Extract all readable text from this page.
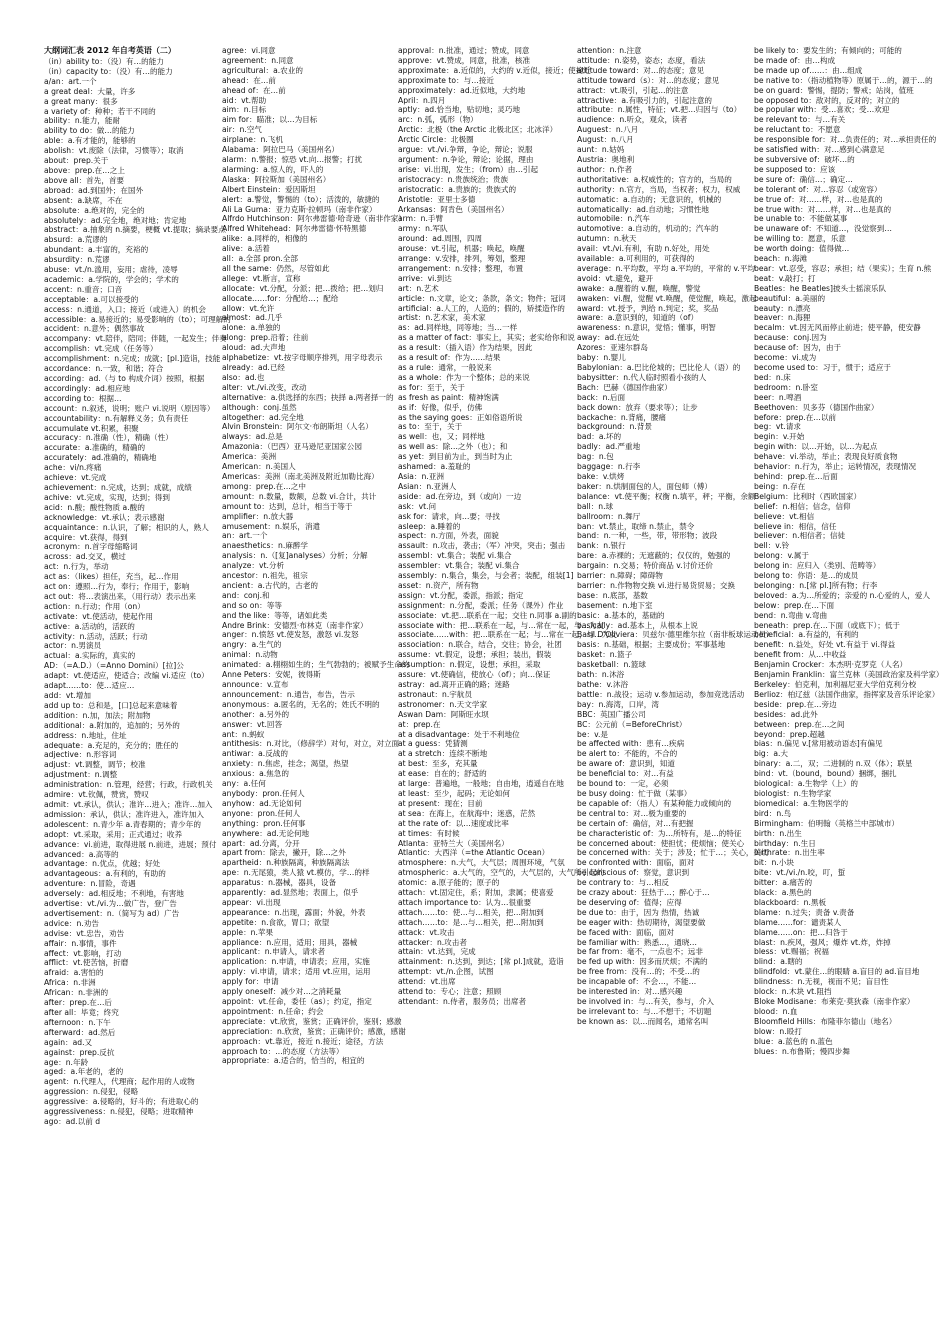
大纲词汇表 2012 年自考英语（二）
（in）ability to：（没）有…的能力
（in）capacity to：（没）有…的能力
a/an：art.一个
a great deal：大量，许多
a great many：很多
a variety of：种种；若干不同的
ability：n.能力，能耐
ability to do：做…的能力
able：a.有才能的，能够的
abolish：vt.废除（法律，习惯等）；取消
about：prep.关于
above：prep.在…之上
above all：首先，首要
abroad：ad.到国外；在国外
absent：a.缺席，不在
absolute：a.绝对的，完全的
absolutely：ad.完全地，绝对地；肯定地
abstract：a.抽象的 n.摘要，梗概 vt.提取；摘录要点
absurd：a.荒谬的
abundant：a.丰富的，充裕的
absurdity：n.荒谬
abuse：vt./n.滥用，妄用；虐待，凌辱
academic：a.学院的，学会的；学术的
accent：n.重音；口音
acceptable：a.可以接受的
access：n.通道，入口；接近（或进入）的机会
accessible：a.易接近的；易受影响的（to）；可理解的
accident：n.意外；偶然事故
accompany：vt.陪伴，陪同；伴随，一起发生；伴奏
accomplish：vt.完成（任务等）
accomplishment：n.完成；成就；[pl.]造诣，技能
accordance：n.一致，和谐；符合
according：ad.（与 to 构成介词）按照，根据
accordingly：ad.相应地
according to：根据…
account：n.叙述，说明；账户 vi.说明（原因等）
accountability：n.有解释义务；负有责任
accumulate vt.积累，积聚
accuracy：n.准确（性），精确（性）
accurate：a.准确的，精确的
accurately：ad.准确的，精确地
ache：vi/n.疼痛
achieve：vt.完成
achievement：n.完成，达到；成就，成绩
achive：vt.完成，实现，达到；得到
acid：n.酸；酸性物质 a.酸的
acknowledge：vt.承认；表示感谢
acquaintance：n.认识，了解；相识的人，熟人
acquire：vt.获得，得到
acronym：n.首字母缩略词
across：ad.交叉，横过
act：n.行为，举动
act as：（likes）担任，充当，起…作用
act on：遵照…行为，奉行；作用于，影响
act out：将…表演出来，（用行动）表示出来
action：n.行动；作用（on）
activate：vt.使活动，使起作用
active：a.活动的，活跃的
activity：n.活动，活跃；行动
actor：n.男演员
actual：a.实际的，真实的
AD：（=A.D.）（=Anno Domini）[拉]公
adapt：vt.使适应，使适合；改编 vi.适应（to）
adapt……to：使…适应…
add：vt.增加
add up to：总和是，[口]总起来意味着
addition：n.加，加法；附加物
additional：a.附加的，追加的；另外的
address：n.地址，住址
adequate：a.充足的，充分的；胜任的
adjective：n.形容词
adjust：vt.调整，调节；校准
adjustment：n.调整
administration：n.管理，经营；行政，行政机关
admire：vt.钦佩，赞赏，赞叹
admit：vt.承认，供认；准许…进入；准许…加入
admission：承认，供认；准许进入，准许加入
adolescent：n.青少年 a.青春期的；青少年的
adopt：vt.采取，采用；正式通过；收养
advance：vi.前进，取得进展 n.前进，进展；预付
advanced：a.高等的
advantage：n.优点，优越；好处
advantageous：a.有利的，有助的
adventure：n.冒险，奇遇
adversely：ad.相反地；不利地，有害地
advertise：vt./vi.为…做广告，登广告
advertisement：n.（简写为 ad）广告
advice：n.劝告
advise：vt.忠告，劝告
affair：n.事情，事件
affect：vt.影响，打动
afflict：vt.使苦恼，折磨
afraid：a.害怕的
Africa：n.非洲
African：n.非洲的
after：prep.在…后
after all：毕竟；终究
afternoon：n.下午
afterward：ad.然后
again：ad.又
against：prep.反抗
age：n.年龄
aged：a.年老的，老的
agent：n.代理人，代理商；起作用的人或物
aggression：n.侵犯，侵略
aggressive：a.侵略的，好斗的；有进取心的
aggressiveness：n.侵犯，侵略；进取精神
ago：ad.以前 d
agree：vi.同意
agreement：n.同意
agricultural：a.农业的
ahead：在…前
ahead of：在…前
aid：vt.帮助
aim：n.目标
aim for：瞄准；以…为目标
air：n.空气
airplane：n.飞机
Alabama：阿拉巴马（美国州名）
alarm：n.警报；惊恐 vt.向…报警；打扰
alarming：a.惊人的，吓人的
Alaska：阿拉斯加（美国州名）
Albert Einstein：爱因斯坦
alert：a.警觉，警惕的（to）；活泼的，敏捷的
Ali La Guma：亚力克斯·拉顿玛（南非作家）
Alfrdo Hutchinson：阿尔弗雷德·哈奇逊（南非作家）
Alfred Whitehead：阿尔弗雷德·怀特黑德
alike：a.同样的，相像的
alive：a.活着
all：a.全部 pron.全部
all the same：仍然，尽管如此
allege：vt.断言，宣称
allocate：vt.分配，分派；把…拨给；把…划归
allocate……for：分配给…；配给
allow：vt.允许
almost：ad.几乎
alone：a.单独的
along：prep.沿着；往前
aloud：ad.大声地
alphabetize：vt.按字母顺序排列，用字母表示
already：ad.已经
also：ad.也
alter：vt./vi.改变，改动
alternative：a.供选择的东西；抉择 a.两者择一的
although：conj.虽然
altogether：ad.完全地
Alvin Bronstein：阿尔文·布朗斯坦（人名）
always：ad.总是
Amazonia：（巴西）亚马逊尼亚国家公园
America：美洲
American：n.美国人
Americas：美洲（南北美洲及附近加勒比海）
among：prep.在…之中
amount：n.数量，数额，总数 vi.合计，共计
amount to：达到，总计，相当于等于
amplifier：n.放大器
amusement：n.娱乐，消遣
an：art.一个
anaesthetics：n.麻醉学
analysis：n.（[复]analyses）分析；分解
analyze：vt.分析
ancestor：n.祖先，祖宗
ancient：a.古代的，古老的
and：conj.和
and so on：等等
and the like：等等，诸如此类
Andre Brink：安德烈·布林克（南非作家）
anger：n.愤怒 vt.使发怒，激怒 vi.发怒
angry：a.生气的
animal：n.动物
animated：a.栩栩如生的；生气勃勃的；被赋予生命的
Anne Peters：安妮，彼得斯
announce：v.宣布
announcement：n.通告，布告，告示
anonymous：a.匿名的，无名的；姓氏不明的
another：a.另外的
answer：vt.回答
ant：n.蚂蚁
antithesis：n.对比，（修辞学）对句，对立，对立面
antiwar：a.反战的
anxiety：n.焦虑，挂念；渴望，热望
anxious：a.焦急的
any：a.任何
anybody：pron.任何人
anyhow：ad.无论如何
anyone：pron.任何人
anything：pron.任何事
anywhere：ad.无论何地
apart：ad.分离，分开
apart from：除去，撇开，除…之外
apartheid：n.种族隔离，种族隔离法
ape：n.无尾猿，类人猿 vt.模仿，学…的样
apparatus：n.器械，器具，设备
apparently：ad.显然地；表面上，似乎
appear：vi.出现
appearance：n.出现，露面；外貌，外表
appetite：n.食欲，胃口；欲望
apple：n.苹果
appliance：n.应用，适用；用具，器械
applicant：n.申请人，请求者
application：n.申请，申请表；应用，实施
apply：vi.申请，请求；适用 vt.应用，运用
apply for：申请
apply oneself：减少对…之消耗量
appoint：vt.任命，委任（as）；约定，指定
appointment：n.任命；约会
appreciate：vt.欣赏，鉴赏；正确评价，鉴别；感激
appreciation：n.欣赏，鉴赏；正确评价；感激，感谢
approach：vt.靠近，接近 n.接近；途径，方法
approach to：…的态度（方法等）
appropriate：a.适合的，恰当的，相宜的
approval：n.批准，通过；赞成，同意
approve：vt.赞成，同意，批准，核准
approximate：a.近似的，大约的 v.近似，接近；使接近
approximate to：与…接近
approximately：ad.近似地，大约地
April：n.四月
aptly：ad.恰当地，贴切地；灵巧地
arc：n.弧，弧形（物）
Arctic：北极（the Arctic 北极北区；北冰洋）
Arctic Circle：北极圈
argue：vt./vi.争辩，争论，辩论；说服
argument：n.争论，辩论；论据，理由
arise：vi.出现，发生；（from）由…引起
aristocracy：n.贵族统治；贵族
aristocratic：a.贵族的；贵族式的
Aristotle：亚里士多德
Arkansas：阿肯色（美国州名）
arm：n.手臂
army：n.军队
around：ad.周围，四周
arouse：vt.引起，机器；唤起，唤醒
arrange：v.安排，排列，筹划，整理
arrangement：n.安排；整理，布置
arrive：vi.到达
art：n.艺术
article：n.文章，论文；条款，条文；物件；冠词
artificial：a.人工的，人造的；假的，矫揉造作的
artist：n.艺术家，美术家
as：ad.同样地，同等地；当…一样
as a matter of fact：事实上，其实；老实给你和说
as a result：（插入语）作为结果，因此
as a result of：作为……结果
as a rule：通常，一般说来
as a whole：作为一个整体；总的来说
as for：至于，关于
as fresh as paint：精神饱满
as if：好像，似乎，仿佛
as the saying goes：正如俗语所说
as to：至于，关于
as well：也，又；同样地
as well as：除…之外（也）；和
as yet：到目前为止，到当时为止
ashamed：a.羞耻的
Asia：n.亚洲
Asian：n.亚洲人
aside：ad.在旁边，到（或向）一边
ask：vt.问
ask for：请求，向…要；寻找
asleep：a.睡着的
aspect：n.方面，外表，面貌
assault：n.攻击，袭击；（军）冲突，突击；强击
assembl：vt.集合；装配 vi.集合
assembler：vt.集合；装配 vi.集合
assembly：n.集合，集会，与会者；装配，组装[1]
asset：n.资产，所有物
assign：vt.分配，委派，指派；指定
assignment：n.分配，委派；任务（课外）作业
associate：vt.把…联系在一起；交往 n.同事 a.副的
associate with：把…联系在一起，与…常在一起，与…为友
associate……with：把…联系在一起；与…常在一起，与…为友
association：n.联合，结合，交往；协会，社团
assume：vt.假定，设想；承担；装出，假装
assumption：n.假定，设想；承担，采取
assure：vt.使确信，使放心（of）；向…保证
astray：ad.离开正确的路；迷路
astronaut：n.宇航员
astronomer：n.天文学家
Aswan Dam：阿斯旺水坝
at：prep.在
at a disadvantage：处于不利地位
at a guess：凭猜测
at a stretch：连续不断地
at best：至多，充其量
at ease：自在的；舒适的
at large：普遍地，一般地；自由地，逍遥自在地
at least：至少，起码；无论如何
at present：现在；目前
at sea：在海上，在航海中；迷惑，茫然
at the rate of：以…速度或比率
at times：有时候
Atlanta：亚特兰大（美国州名）
Atlantic：大西洋（=the Atlantic Ocean）
atmosphere：n.大气，大气层；周围环境，气氛
atmospheric：a.大气的，空气的，大气层的，大气所引起的
atomic：a.原子能的；原子的
attach：vt.固定住，系；附加，隶属；使喜爱
attach importance to：认为…很重要
attach……to：使…与…相关，把…附加到
attach……to：是…与…相关，把…附加到
attack：vt.攻击
attacker：n.攻击者
attain：vt.达到，完成
attainment：n.达到，到达；[常 pl.]成就，造诣
attempt：vt./n.企图，试图
attend：vt.出席
attend to：专心；注意；照顾
attendant：n.侍者，服务员；出席者
attention：n.注意
attitude：n.姿势，姿态；态度，看法
attitude toward：对…的态度；意见
attitude toward（s）：对…的态度；意见
attract：vt.吸引，引起…的注意
attractive：a.有吸引力的，引起注意的
attribute：n.属性，特征；vt.把…归因与（to）
audience：n.听众，观众，读者
Auguest：n.八月
August：n.八月
aunt：n.姑妈
Austria：奥地利
author：n.作者
authoritative：a.权威性的；官方的，当局的
authority：n.官方，当局，当权者；权力，权威
automatic：a.自动的；无意识的，机械的
automatically：ad.自动地；习惯性地
automobile：n.汽车
automotive：a.自动的，机动的；汽车的
autumn：n.秋天
avail：vt./vi.有利，有助 n.好处，用处
available：a.可利用的，可获得的
average：n.平均数，平均 a.平均的，平常的 v.平均
avoid：vt.避免，避开
awake：a.醒着的 v.醒，唤醒，警觉
awaken：vi.醒，觉醒 vt.唤醒，使觉醒，唤起，激起
award：vt.授予，判给 n.判定；奖，奖品
aware：a.意识到的，知道的（of）
awareness：n.意识，觉悟；懂事，明智
away：ad.在远处
Azores：亚速尔群岛
baby：n.婴儿
Babylonian：a.巴比伦城的；巴比伦人（语）的
babysitter：n.代人临时照看小孩的人
Bach：巴赫（德国作曲家）
back：n.后面
back down：放弃（要求等）；让步
backache：n.背痛，腰痛
background：n.背景
bad：a.坏的
badly：ad.严重地
bag：n.包
baggage：n.行李
bake：v.烘烤
baker：n.烘制面包的人，面包师（傅）
balance：vt.使平衡；权衡 n.填平，秤；平衡，余额
ball：n.球
ballroom：n.舞厅
ban：vt.禁止，取缔 n.禁止，禁令
band：n.一种，一些，带，带形物；波段
bank：n.银行
bare：a.赤裸的；无遮蔽的；仅仅的，勉强的
bargain：n.交易；特价商品 v.讨价还价
barrier：n.障碍；障碍物
barrier：n.作物物交换 vi.进行易货贸易；交换
base：n.底部，基数
basement：n.地下室
basic：a.基本的，基础的
basically：ad.基本上，从根本上说
Basil D'Oliviera：贝兹尔·德里维尔拉（南非板球运动员）
basis：n.基础，根据；主要成份；军事基地
basket：n.篮子
basketball：n.篮球
bath：n.沐浴
bathe：v.沐浴
battle：n.战役；运动 v.参加运动，参加竞选活动
bay：n.海湾，口岸，湾
BBC：英国广播公司
BC：公元前（=BeforeChrist）
be：v.是
be affected with：患有…疾病
be alert to：不能的，不合的
be aware of：意识到，知道
be beneficial to：对…有益
be bound to：一定，必须
be busy doing：忙于做（某事）
be capable of：（指人）有某种能力或倾向的
be central to：对…极为重要的
be certain of：确信，对…有把握
be characteristic of：为…所特有，是…的特征
be concerned about：使担忧；使烦恼；使关心
be concerned with：关于；涉及；忙于…；关心，关切
be confronted with：面临，面对
be conscious of：察觉，意识到
be contrary to：与…相反
be crazy about：狂热于…；醉心于…
be deserving of：值得；应得
be due to：由于，因为 热情，热诚
be eager with：热切期待，渴望要做
be faced with：面临，面对
be familiar with：熟悉…，通晓…
be far from：毫不，一点也不；远非
be fed up with：因多而厌烦；不满的
be free from：没有…的；不受…的
be incapable of：不会…，不能…
be interested in：对…感兴趣
be involved in：与…有关，参与，介入
be irrelevant to：与…不想干；不切题
be known as：以…而闻名，通常名叫
be likely to：要发生的；有倾向的；可能的
be made of：由…构成
be made up of……：由…组成
be native to：（指动植物等）原属于…的，源于…的
be on guard：警惕，提防；警戒；站岗，值班
be opposed to：敌对的，反对的；对立的
be popular with：受…喜欢；受…欢迎
be relevant to：与…有关
be reluctant to：不愿意
be responsible for：对…负责任的；对…承担责任的
be satisfied with：对…感到心满意足
be subversive of：破坏…的
be supposed to：应该
be sure of：确信…；确定…
be tolerant of：对…容忍（或宽容）
be true of：对……样，对…也是真的
be true with：对……样，对…也是真的
be unable to：不能做某事
be unaware of：不知道…，没觉察到…
be willing to：愿意，乐意
be worth doing：值得做…
beach：n.海滩
bear：vt.忍受，容忍；承担；结（果实）；生育 n.熊
beat：v.敲打；打
Beatles：he Beatles]披头士摇滚乐队
beautiful：a.美丽的
beauty：n.漂亮
beaver：n.海狸
becalm：vt.因无风而停止前进；使平静，使安静
because：conj.因为
because of：因为，由于
become：vi.成为
become used to：习于，惯于；适应于
bed：n.床
bedroom：n.卧室
beer：n.啤酒
Beethoven：贝多芬（德国作曲家）
before：prep.在…以前
beg：vt.请求
begin：v.开始
begin with：以…开始，以…为起点
behave：vi.举动，举止；表现良好质食物
behavior：n.行为，举止；运转情况，表现情况
behind：prep.在…后面
being：n.存在
Belgium：比利时（西欧国家）
belief：n.相信；信念，信仰
believe：vt.相信
believe in：相信，信任
believer：n.相信者；信徒
bell：v.铃
belong：v.属于
belong in：应归入（类别、范畴等）
belong to：你语：是…的成员
belonging：n.[常 pl.]所有物；行李
beloved：a.为…所爱的；亲爱的 n.心爱的人，爱人
below：prep.在…下面
bend：n.弯曲 v.弯曲
beneath：prep.在…下面（或底下）；低于
beneficial：a.有益的，有利的
benefit：n.益处，好处 vt.有益于 vi.得益
benefit from：从…中收益
Benjamin Crocker：本杰明·克罗克（人名）
Benjamin Franklin：富兰克林（美国政治家及科学家）
Berkeley：伯克利，加利福尼亚大学伯克利分校
Berlioz：柏辽兹（法国作曲家，指挥家及音乐评论家）
beside：prep.在…旁边
besides：ad.此外
between：prep.在…之间
beyond：prep.超越
bias：n.偏见 v.[常用被动语态]有偏见
big：a.大
binary：a.二，双；二进制的 n.双（体）；联星
bind：vt.（bound，bound）捆绑，捆扎
biological：a.生物学（上）的
biologist：n.生物学家
biomedical：a.生物医学的
bird：n.鸟
Birmingham：伯明翰（英格兰中部城市）
birth：n.出生
birthday：n.生日
birthrate：n.出生率
bit：n.小块
bite：vt./vi./n.咬，叮，蜇
bitter：a.痛苦的
black：a.黑色的
blackboard：n.黑板
blame：n.过失；责备 v.责备
blame……for：谴责某人
blame……on：把…归咎于
blast：n.疾风，强风；爆炸 vt.炸，炸掉
bless：vt.赐福；祝福
blind：a.瞎的
blindfold：vt.蒙住…的眼睛 a.盲目的 ad.盲目地
blindness：n.无视，视而不见；盲目性
block：n.木块 vt.阻挡
Bloke Modisane：布莱克·莫狄森（南非作家）
blood：n.血
Bloomfield Hills：布隆菲尔德山（地名）
blow：n.殴打
blue：a.蓝色的 n.蓝色
blues：n.布鲁斯；慢四步舞
